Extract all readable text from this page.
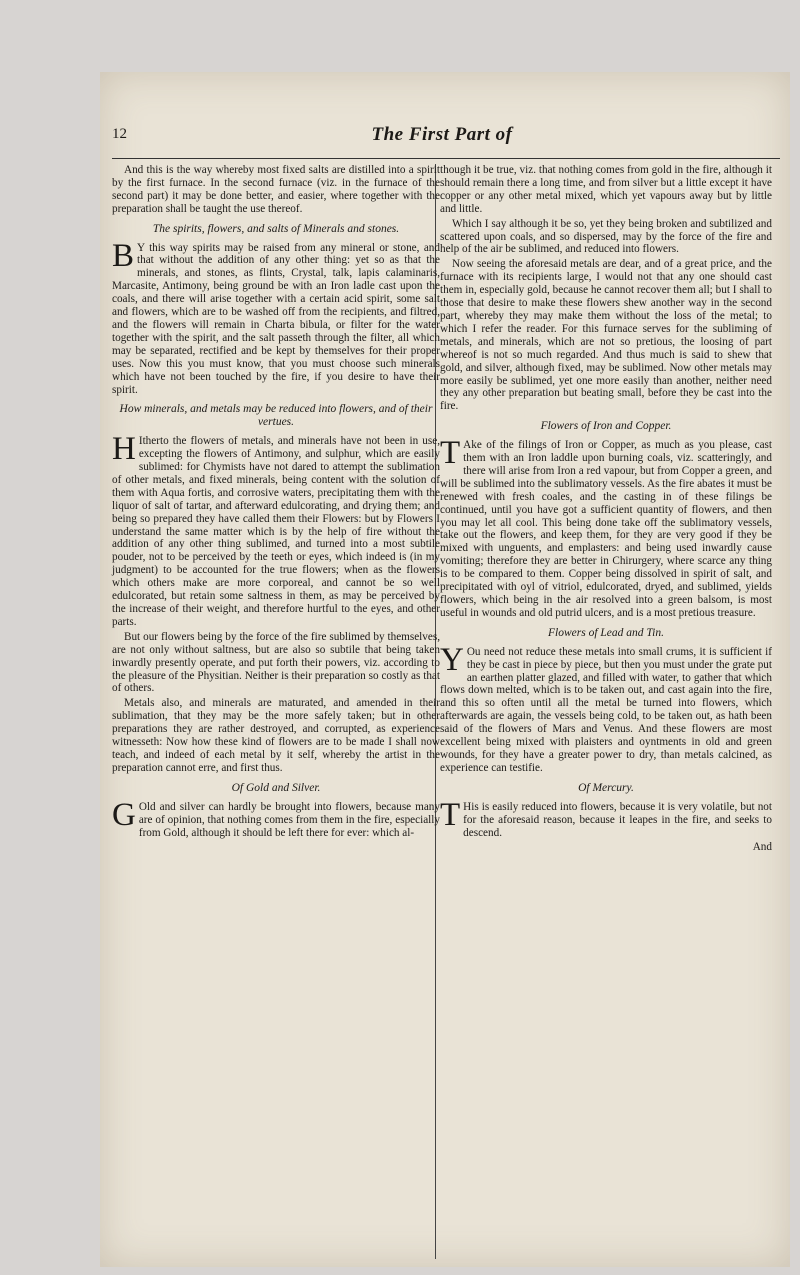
12	The First Part of

And this is the way whereby most fixed salts are distilled into a spirit by the first furnace. In the second furnace (viz. in the furnace of the second part) it may be done better, and easier, where together with the preparation shall be taught the use thereof.

The spirits, flowers, and salts of Minerals and stones.

B Y this way spirits may be raised from any mineral or stone, and that without the addition of any other thing: yet so as that the minerals, and stones, as flints, Crystal, talk, lapis calaminaris, Marcasite, Antimony, being ground be with an Iron ladle cast upon the coals, and there will arise together with a certain acid spirit, some salt and flowers, which are to be washed off from the recipients, and filtred, and the flowers will remain in Charta bibula, or filter for the water together with the spirit, and the salt passeth through the filter, all which may be separated, rectified and be kept by themselves for their proper uses. Now this you must know, that you must choose such minerals which have not been touched by the fire, if you desire to have their spirit.

How minerals, and metals may be reduced into flowers, and of their vertues.

H Itherto the flowers of metals, and minerals have not been in use, excepting the flowers of Antimony, and sulphur, which are easily sublimed: for Chymists have not dared to attempt the sublimation of other metals, and fixed minerals, being content with the solution of them with Aqua fortis, and corrosive waters, precipitating them with the liquor of salt of tartar, and afterward edulcorating, and drying them; and being so prepared they have called them their Flowers: but by Flowers I understand the same matter which is by the help of fire without the addition of any other thing sublimed, and turned into a most subtile pouder, not to be perceived by the teeth or eyes, which indeed is (in my judgment) to be accounted for the true flowers; when as the flowers which others make are more corporeal, and cannot be so well edulcorated, but retain some saltness in them, as may be perceived by the increase of their weight, and therefore hurtful to the eyes, and other parts.

But our flowers being by the force of the fire sublimed by themselves, are not only without saltness, but are also so subtile that being taken inwardly presently operate, and put forth their powers, viz. according to the pleasure of the Physitian. Neither is their preparation so costly as that of others.

Metals also, and minerals are maturated, and amended in their sublimation, that they may be the more safely taken; but in other preparations they are rather destroyed, and corrupted, as experience witnesseth: Now how these kind of flowers are to be made I shall now teach, and indeed of each metal by it self, whereby the artist in the preparation cannot erre, and first thus.

Of Gold and Silver.

G Old and silver can hardly be brought into flowers, because many are of opinion, that nothing comes from them in the fire, especially from Gold, although it should be left there for ever: which al-

though it be true, viz. that nothing comes from gold in the fire, although it should remain there a long time, and from silver but a little except it have copper or any other metal mixed, which yet vapours away but by little and little.

Which I say although it be so, yet they being broken and subtilized and scattered upon coals, and so dispersed, may by the force of the fire and help of the air be sublimed, and reduced into flowers.

Now seeing the aforesaid metals are dear, and of a great price, and the furnace with its recipients large, I would not that any one should cast them in, especially gold, because he cannot recover them all; but I shall to those that desire to make these flowers shew another way in the second part, whereby they may make them without the loss of the metal; to which I refer the reader. For this furnace serves for the subliming of metals, and minerals, which are not so pretious, the loosing of part whereof is not so much regarded. And thus much is said to shew that gold, and silver, although fixed, may be sublimed. Now other metals may more easily be sublimed, yet one more easily than another, neither need they any other preparation but beating small, before they be cast into the fire.

Flowers of Iron and Copper.

T Ake of the filings of Iron or Copper, as much as you please, cast them with an Iron laddle upon burning coals, viz. scatteringly, and there will arise from Iron a red vapour, but from Copper a green, and will be sublimed into the sublimatory vessels. As the fire abates it must be renewed with fresh coales, and the casting in of these filings be continued, until you have got a sufficient quantity of flowers, and then you may let all cool. This being done take off the sublimatory vessels, take out the flowers, and keep them, for they are very good if they be mixed with unguents, and emplasters: and being used inwardly cause vomiting; therefore they are better in Chirurgery, where scarce any thing is to be compared to them. Copper being dissolved in spirit of salt, and precipitated with oyl of vitriol, edulcorated, dryed, and sublimed, yields flowers, which being in the air resolved into a green balsom, is most useful in wounds and old putrid ulcers, and is a most pretious treasure.

Flowers of Lead and Tin.

Y Ou need not reduce these metals into small crums, it is sufficient if they be cast in piece by piece, but then you must under the grate put an earthen platter glazed, and filled with water, to gather that which flows down melted, which is to be taken out, and cast again into the fire, and this so often until all the metal be turned into flowers, which afterwards are again, the vessels being cold, to be taken out, as hath been said of the flowers of Mars and Venus. And these flowers are most excellent being mixed with plaisters and oyntments in old and green wounds, for they have a greater power to dry, than metals calcined, as experience can testifie.

Of Mercury.

T His is easily reduced into flowers, because it is very volatile, but not for the aforesaid reason, because it leapes in the fire, and seeks to descend.

And
